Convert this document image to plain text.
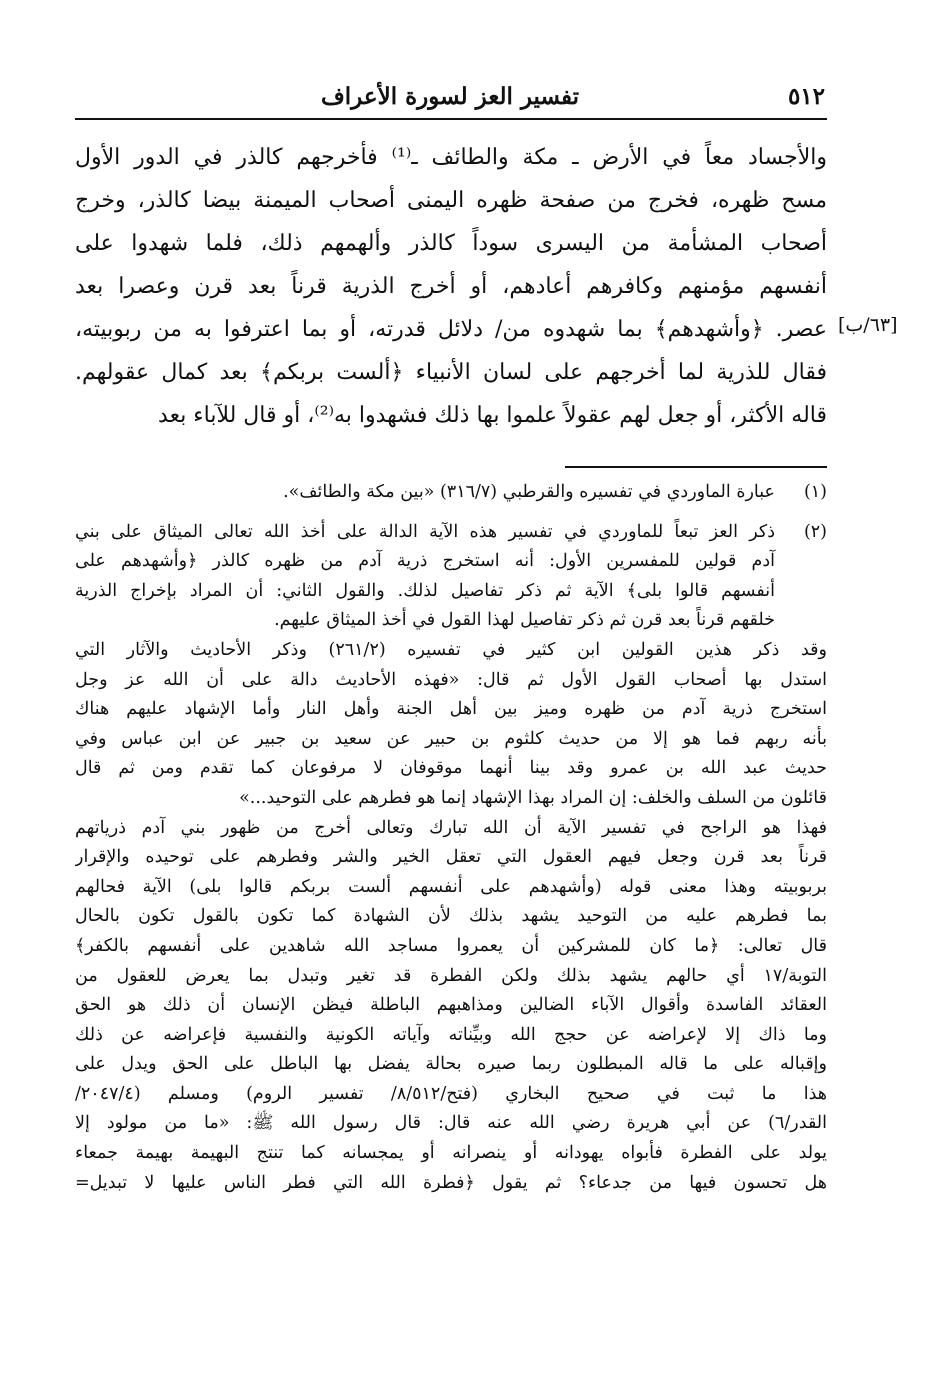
٥١٢
تفسير العز لسورة الأعراف
والأجساد معاً في الأرض ـ مكة والطائف ـ⁽¹⁾ فأخرجهم كالذر في الدور الأول
مسح ظهره، فخرج من صفحة ظهره اليمنى أصحاب الميمنة بيضا كالذر، وخرج
أصحاب المشأمة من اليسرى سوداً كالذر وألهمهم ذلك، فلما شهدوا على
أنفسهم مؤمنهم وكافرهم أعادهم، أو أخرج الذرية قرناً بعد قرن وعصرا بعد
عصر. ﴿وأشهدهم﴾ بما شهدوه من/ دلائل قدرته، أو بما اعترفوا به من ربوبيته،
فقال للذرية لما أخرجهم على لسان الأنبياء ﴿ألست بربكم﴾ بعد كمال عقولهم.
قاله الأكثر، أو جعل لهم عقولاً علموا بها ذلك فشهدوا به⁽²⁾، أو قال للآباء بعد
[٦٣/ب]
(١)عبارة الماوردي في تفسيره والقرطبي (٣١٦/٧) «بين مكة والطائف».
(٢)ذكر العز تبعاً للماوردي في تفسير هذه الآية الدالة على أخذ الله تعالى الميثاق على بني
آدم قولين للمفسرين الأول: أنه استخرج ذرية آدم من ظهره كالذر ﴿وأشهدهم على
أنفسهم قالوا بلى﴾ الآية ثم ذكر تفاصيل لذلك. والقول الثاني: أن المراد بإخراج الذرية
خلقهم قرناً بعد قرن ثم ذكر تفاصيل لهذا القول في أخذ الميثاق عليهم.
وقد ذكر هذين القولين ابن كثير في تفسيره (٢٦١/٢) وذكر الأحاديث والآثار التي
استدل بها أصحاب القول الأول ثم قال: «فهذه الأحاديث دالة على أن الله عز وجل
استخرج ذرية آدم من ظهره وميز بين أهل الجنة وأهل النار وأما الإشهاد عليهم هناك
بأنه ربهم فما هو إلا من حديث كلثوم بن حبير عن سعيد بن جبير عن ابن عباس وفي
حديث عبد الله بن عمرو وقد بينا أنهما موقوفان لا مرفوعان كما تقدم ومن ثم قال
قائلون من السلف والخلف: إن المراد بهذا الإشهاد إنما هو فطرهم على التوحيد...»
فهذا هو الراجح في تفسير الآية أن الله تبارك وتعالى أخرج من ظهور بني آدم ذرياتهم
قرناً بعد قرن وجعل فيهم العقول التي تعقل الخير والشر وفطرهم على توحيده والإقرار
بربوبيته وهذا معنى قوله (وأشهدهم على أنفسهم ألست بربكم قالوا بلى) الآية فحالهم
بما فطرهم عليه من التوحيد يشهد بذلك لأن الشهادة كما تكون بالقول تكون بالحال
قال تعالى: ﴿ما كان للمشركين أن يعمروا مساجد الله شاهدين على أنفسهم بالكفر﴾
التوبة/١٧ أي حالهم يشهد بذلك ولكن الفطرة قد تغير وتبدل بما يعرض للعقول من
العقائد الفاسدة وأقوال الآباء الضالين ومذاهبهم الباطلة فيظن الإنسان أن ذلك هو الحق
وما ذاك إلا لإعراضه عن حجج الله وبيِّناته وآياته الكونية والنفسية فإعراضه عن ذلك
وإقباله على ما قاله المبطلون ربما صيره بحالة يفضل بها الباطل على الحق ويدل على
هذا ما ثبت في صحيح البخاري (فتح/٨/٥١٢/ تفسير الروم) ومسلم (٢٠٤٧/٤/
القدر/٦) عن أبي هريرة رضي الله عنه قال: قال رسول الله ﷺ: «ما من مولود إلا
يولد على الفطرة فأبواه يهودانه أو ينصرانه أو يمجسانه كما تنتج البهيمة بهيمة جمعاء
هل تحسون فيها من جدعاء؟ ثم يقول ﴿فطرة الله التي فطر الناس عليها لا تبديل=
